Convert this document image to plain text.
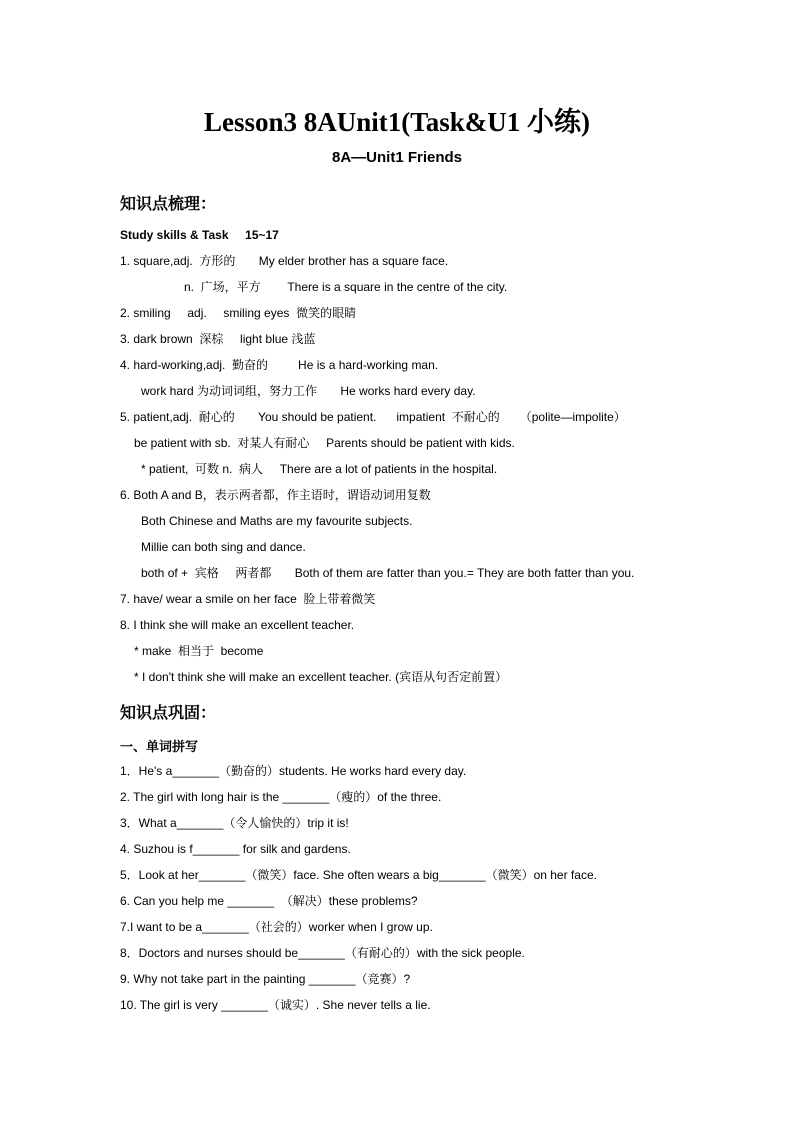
Lesson3 8AUnit1(Task&U1 小练)
8A—Unit1 Friends
知识点梳理：
Study skills & Task     15~17
1. square,adj.  方形的       My elder brother has a square face.
n.  广场，平方        There is a square in the centre of the city.
2. smiling     adj.     smiling eyes  微笑的眼睛
3. dark brown  深棕     light blue 浅蓝
4. hard-working,adj.  勤奋的         He is a hard-working man.
work hard 为动词词组，努力工作       He works hard every day.
5. patient,adj.  耐心的       You should be patient.      impatient  不耐心的      （polite—impolite）
be patient with sb.  对某人有耐心     Parents should be patient with kids.
* patient,  可数 n.  病人     There are a lot of patients in the hospital.
6. Both A and B，表示两者都，作主语时，谓语动词用复数
Both Chinese and Maths are my favourite subjects.
Millie can both sing and dance.
both of +  宾格     两者都       Both of them are fatter than you.= They are both fatter than you.
7. have/ wear a smile on her face  脸上带着微笑
8. I think she will make an excellent teacher.
* make  相当于  become
* I don't think she will make an excellent teacher. (宾语从句否定前置）
知识点巩固：
一、单词拼写
1．He's a_______（勤奋的）students. He works hard every day.
2. The girl with long hair is the _______（瘦的）of the three.
3．What a_______（令人愉快的）trip it is!
4. Suzhou is f_______ for silk and gardens.
5．Look at her_______（微笑）face. She often wears a big_______（微笑）on her face.
6. Can you help me _______  （解决）these problems?
7.I want to be a_______（社会的）worker when I grow up.
8．Doctors and nurses should be_______（有耐心的）with the sick people.
9. Why not take part in the painting _______（竞赛）?
10. The girl is very _______（诚实）. She never tells a lie.
